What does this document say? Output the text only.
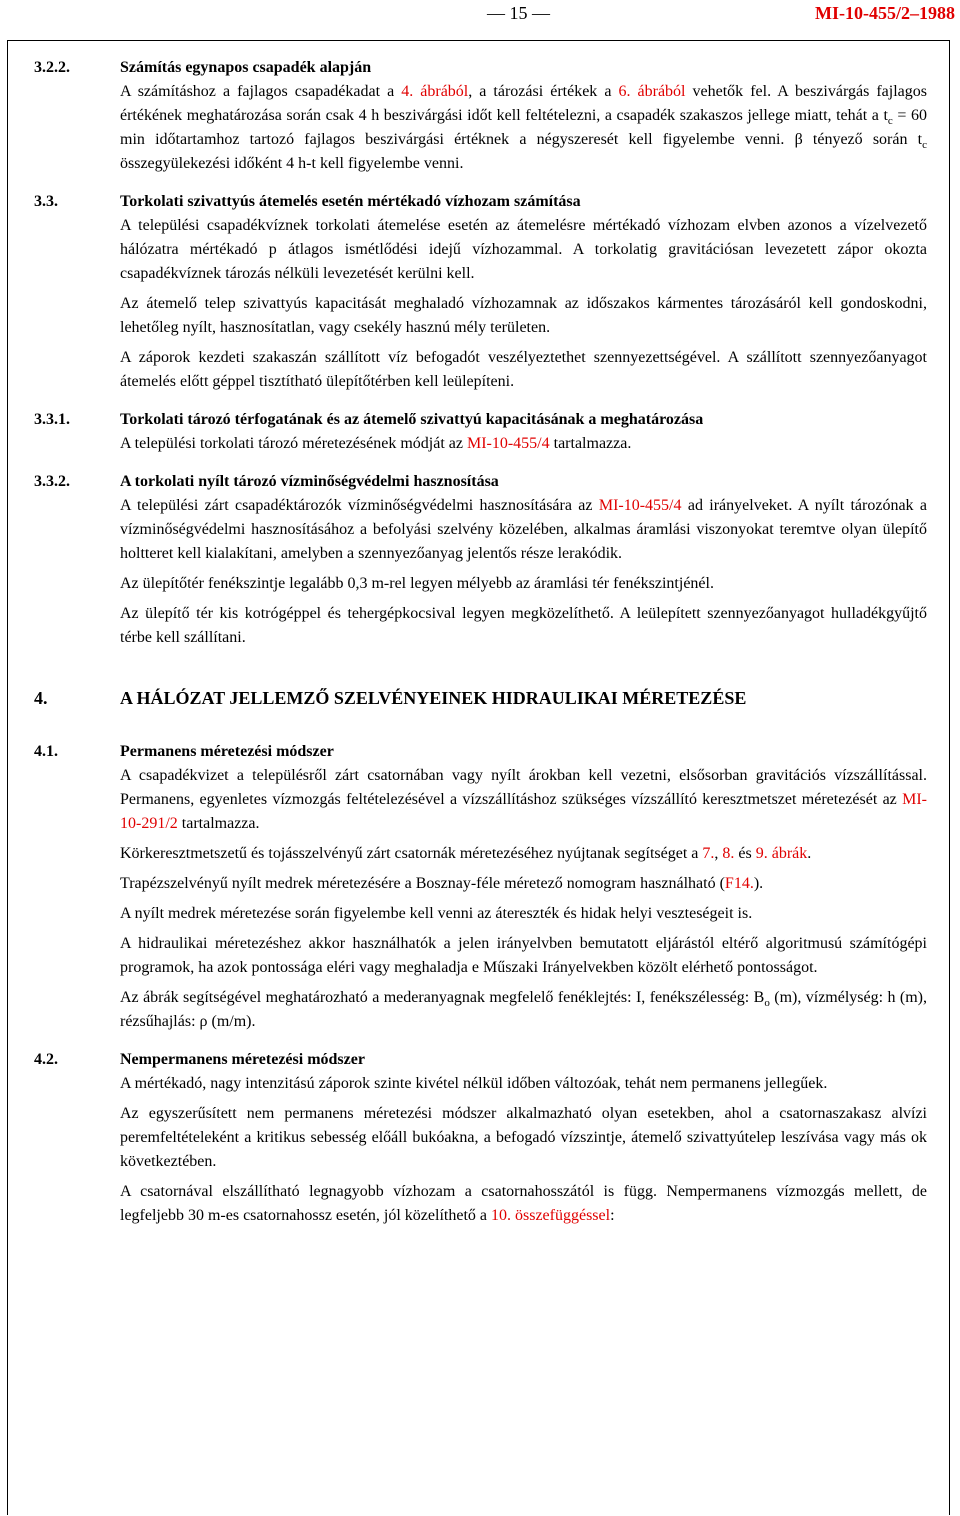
— 15 —	MI-10-455/2–1988
3.2.2.	Számítás egynapos csapadék alapján

A számításhoz a fajlagos csapadékadat a 4. ábrából, a tározási értékek a 6. ábrából vehetők fel. A beszivárgás fajlagos értékének meghatározása során csak 4 h beszivárgási időt kell feltételezni, a csapadék szakaszos jellege miatt, tehát a $t_c = 60$ min időtartamhoz tartozó fajlagos beszivárgási értéknek a négyszeresét kell figyelembe venni. β tényező során $t_c$ összegyülekezési időként 4 h-t kell figyelembe venni.

3.3.	Torkolati szivattyús átemelés esetén mértékadó vízhozam számítása

A települési csapadékvíznek torkolati átemelése esetén az átemelésre mértékadó vízhozam elvben azonos a vízelvezető hálózatra mértékadó p átlagos ismétlődési idejű vízhozammal. A torkolatig gravitációsan levezetett zápor okozta csapadékvíznek tározás nélküli levezetését kerülni kell.

Az átemelő telep szivattyús kapacitását meghaladó vízhozamnak az időszakos kármentes tározásáról kell gondoskodni, lehetőleg nyílt, hasznosítatlan, vagy csekély hasznú mély területen.

A záporok kezdeti szakaszán szállított víz befogadót veszélyeztethet szennyezettségével. A szállított szennyezőanyagot átemelés előtt géppel tisztítható ülepítőtérben kell leülepíteni.

3.3.1.	Torkolati tározó térfogatának és az átemelő szivattyú kapacitásának a meghatározása

A települési torkolati tározó méretezésének módját az MI-10-455/4 tartalmazza.

3.3.2.	A torkolati nyílt tározó vízminőségvédelmi hasznosítása

A települési zárt csapadéktározók vízminőségvédelmi hasznosítására az MI-10-455/4 ad irányelveket. A nyílt tározónak a vízminőségvédelmi hasznosításához a befolyási szelvény közelében, alkalmas áramlási viszonyokat teremtve olyan ülepítő holtteret kell kialakítani, amelyben a szennyezőanyag jelentős része lerakódik.

Az ülepítőtér fenékszintje legalább 0,3 m-rel legyen mélyebb az áramlási tér fenékszintjénél.

Az ülepítő tér kis kotrógéppel és tehergépkocsival legyen megközelíthető. A leülepített szennyezőanyagot hulladékgyűjtő térbe kell szállítani.

4.	A HÁLÓZAT JELLEMZŐ SZELVÉNYEINEK HIDRAULIKAI MÉRETEZÉSE
4.1.	Permanens méretezési módszer

A csapadékvizet a településről zárt csatornában vagy nyílt árokban kell vezetni, elsősorban gravitációs vízszállítással. Permanens, egyenletes vízmozgás feltételezésével a vízszállításhoz szükséges vízszállító keresztmetszet méretezését az MI-10-291/2 tartalmazza.

Körkeresztmetszetű és tojásszelvényű zárt csatornák méretezéséhez nyújtanak segítséget a 7., 8. és 9. ábrák.

Trapézszelvényű nyílt medrek méretezésére a Bosznay-féle méretező nomogram használható (F14.).

A nyílt medrek méretezése során figyelembe kell venni az átereszték és hidak helyi veszteségeit is.

A hidraulikai méretezéshez akkor használhatók a jelen irányelvben bemutatott eljárástól eltérő algoritmusú számítógépi programok, ha azok pontossága eléri vagy meghaladja e Műszaki Irányelvekben közölt elérhető pontosságot.

Az ábrák segítségével meghatározható a mederanyagnak megfelelő fenéklejtés: I, fenékszélesség: $B_o$ (m), vízmélység: h (m), rézsűhajlás: ρ (m/m).

4.2.	Nempermanens méretezési módszer

A mértékadó, nagy intenzitású záporok szinte kivétel nélkül időben változóak, tehát nem permanens jellegűek.

Az egyszerűsített nem permanens méretezési módszer alkalmazható olyan esetekben, ahol a csatornaszakasz alvízi peremfeltételeként a kritikus sebesség előáll bukóakna, a befogadó vízszintje, átemelő szivattyútelep leszívása vagy más ok következtében.

A csatornával elszállítható legnagyobb vízhozam a csatornahosszától is függ. Nempermanens vízmozgás mellett, de legfeljebb 30 m-es csatornahossz esetén, jól közelíthető a 10. összefüggéssel:
